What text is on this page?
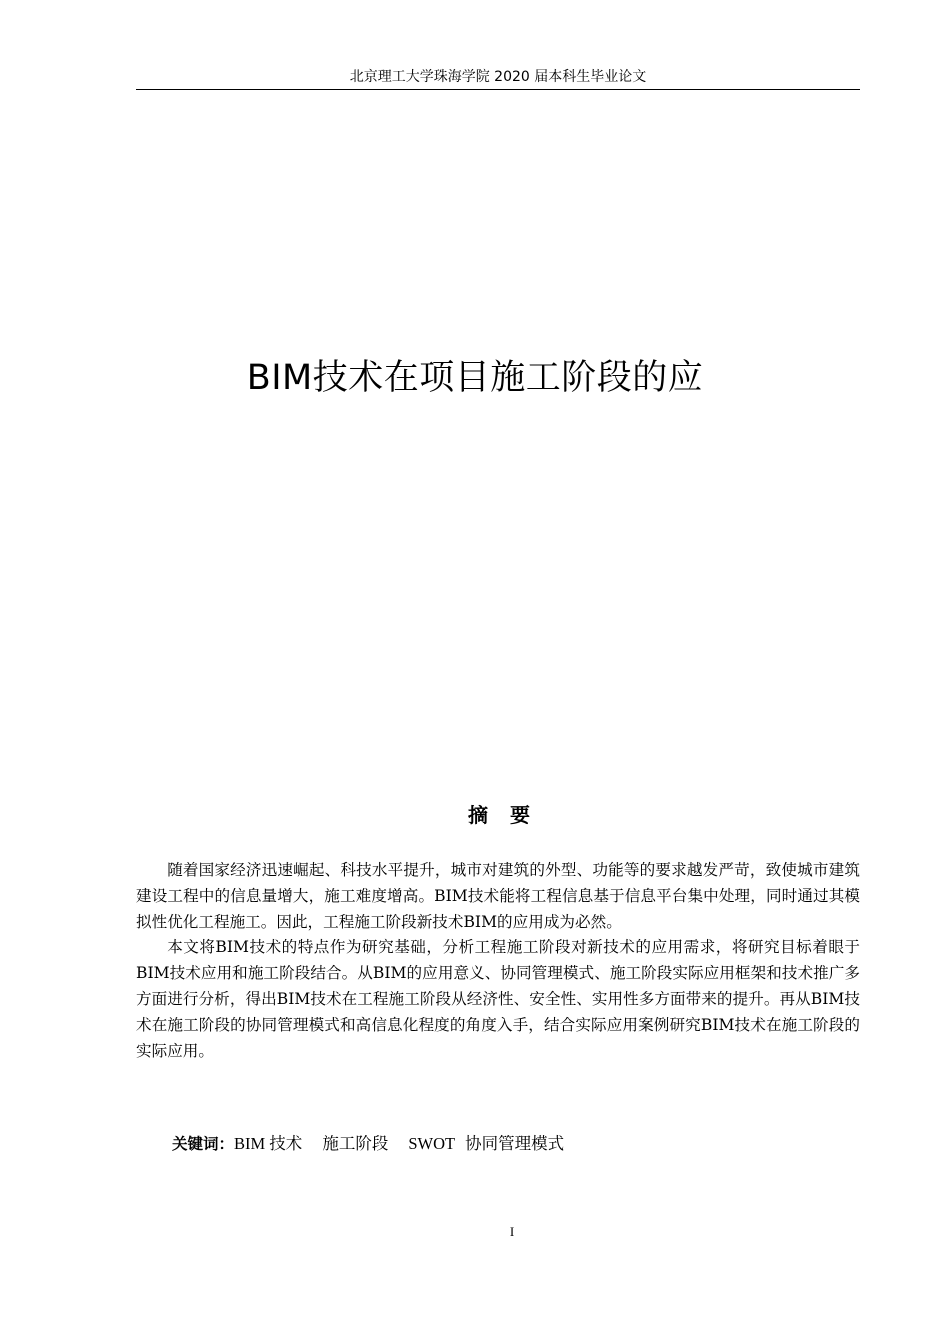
北京理工大学珠海学院 2020 届本科生毕业论文
BIM技术在项目施工阶段的应
摘 要

随着国家经济迅速崛起、科技水平提升，城市对建筑的外型、功能等的要求越发严苛，致使城市建筑建设工程中的信息量增大，施工难度增高。BIM技术能将工程信息基于信息平台集中处理，同时通过其模拟性优化工程施工。因此，工程施工阶段新技术BIM的应用成为必然。

本文将BIM技术的特点作为研究基础，分析工程施工阶段对新技术的应用需求，将研究目标着眼于BIM技术应用和施工阶段结合。从BIM的应用意义、协同管理模式、施工阶段实际应用框架和技术推广多方面进行分析，得出BIM技术在工程施工阶段从经济性、安全性、实用性多方面带来的提升。再从BIM技术在施工阶段的协同管理模式和高信息化程度的角度入手，结合实际应用案例研究BIM技术在施工阶段的实际应用。

关键词：BIM 技术 施工阶段 SWOT 协同管理模式
I
